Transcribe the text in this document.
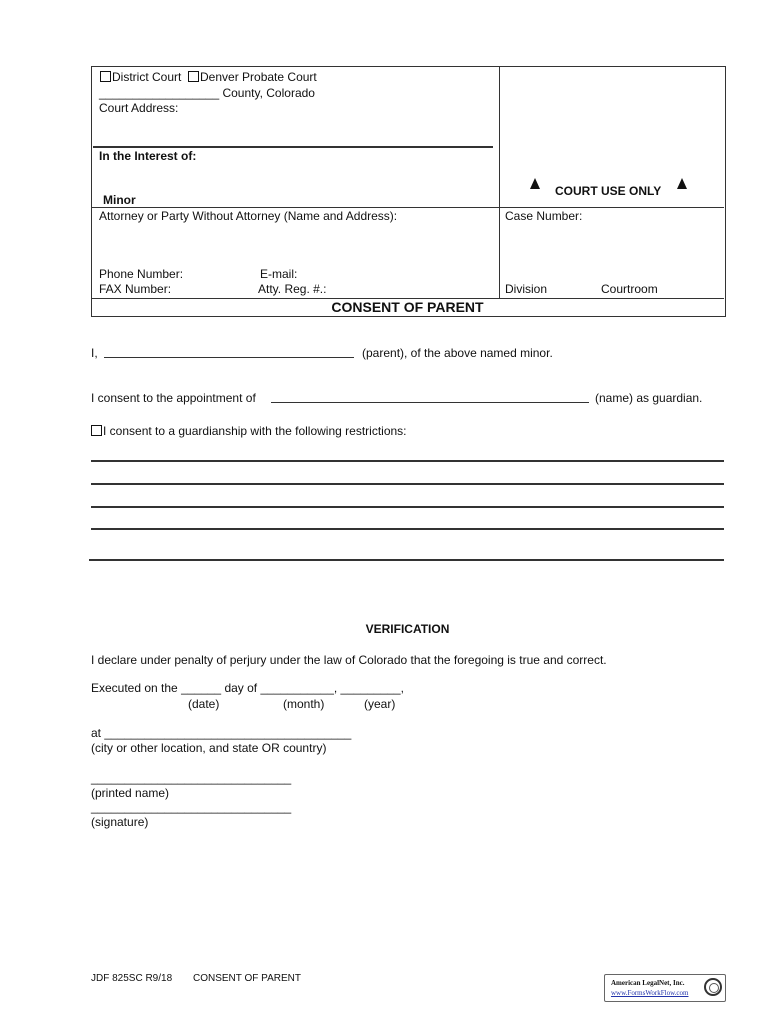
District Court Denver Probate Court
__________________ County, Colorado
Court Address:
In the Interest of:
Minor
Attorney or Party Without Attorney (Name and Address):
Phone Number:	E-mail:
FAX Number:	Atty. Reg. #.:
COURT USE ONLY
Case Number:
Division	Courtroom
CONSENT OF PARENT
I,	(parent), of the above named minor.
I consent to the appointment of	(name) as guardian.
I consent to a guardianship with the following restrictions:
VERIFICATION
I declare under penalty of perjury under the law of Colorado that the foregoing is true and correct.
Executed on the ______ day of ___________, _________,
(date)	(month)	(year)
at _____________________________________
(city or other location, and state OR country)
______________________________
(printed name)
______________________________
(signature)
JDF 825SC R9/18 CONSENT OF PARENT	American LegalNet, Inc.
www.FormsWorkFlow.com
